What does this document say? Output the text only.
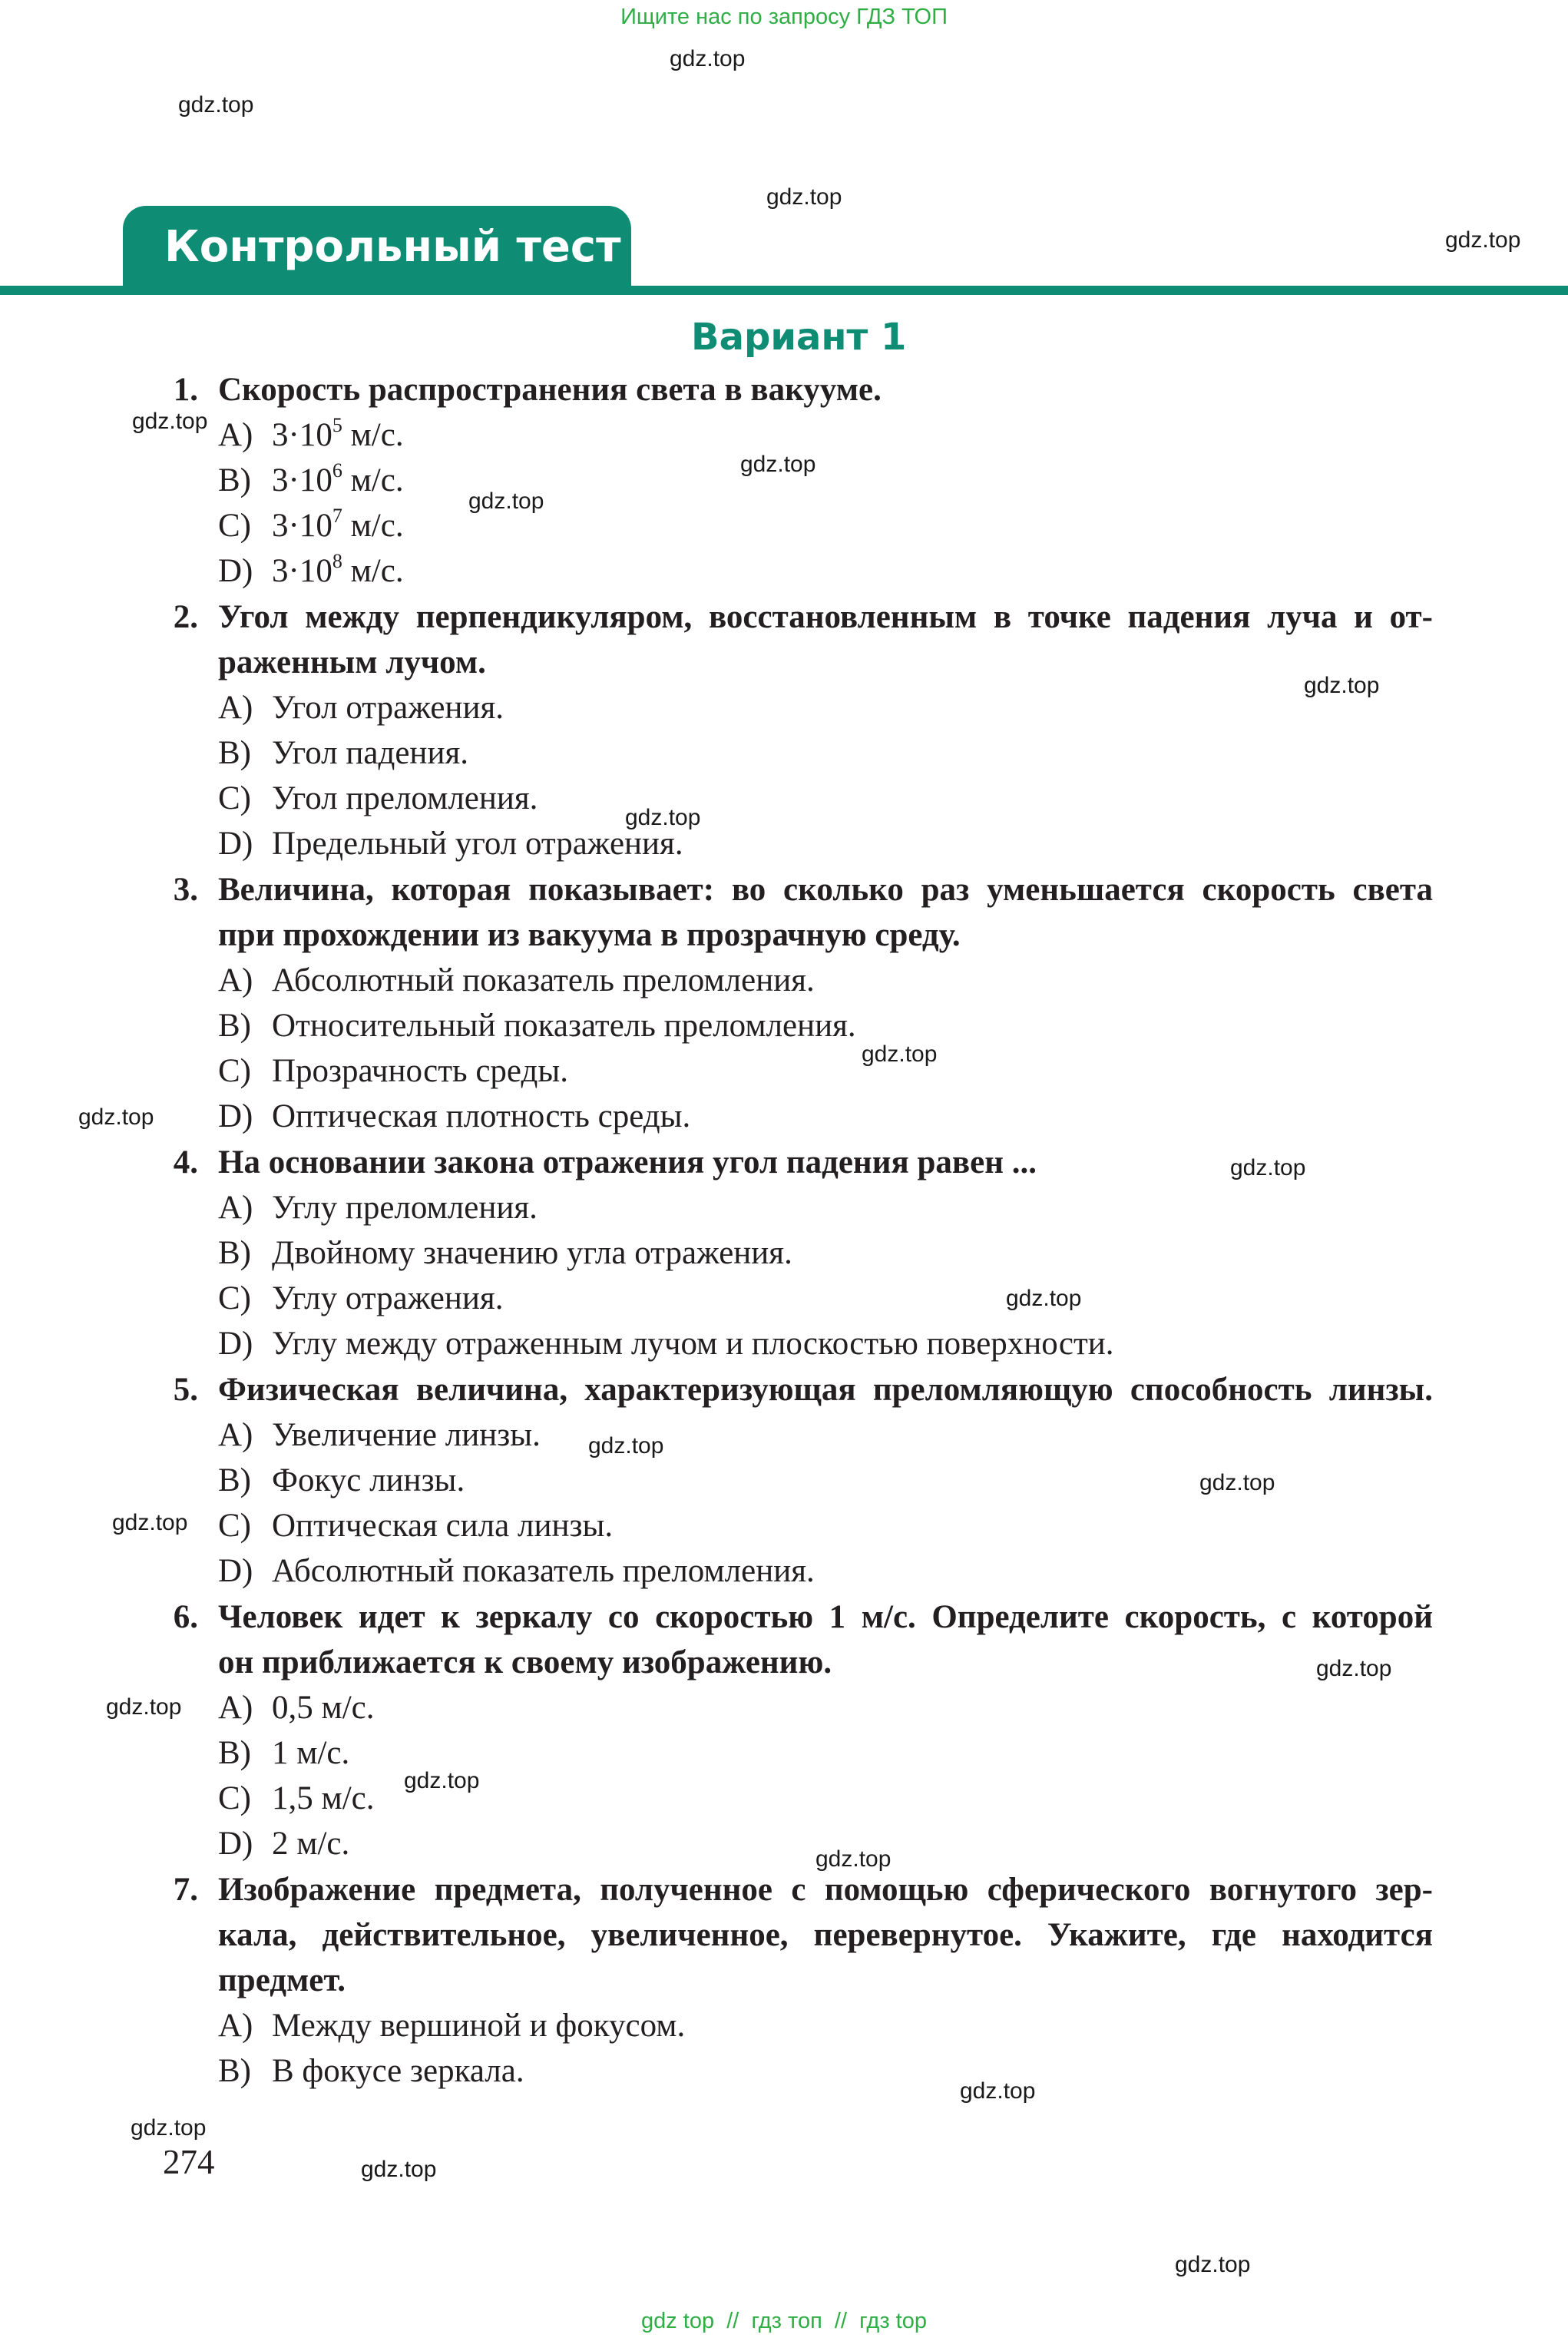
Ищите нас по запросу ГДЗ ТОП
gdz.top
gdz.top
gdz.top
gdz.top
gdz.top
gdz.top
gdz.top
gdz.top
gdz.top
gdz.top
gdz.top
gdz.top
gdz.top
gdz.top
gdz.top
gdz.top
gdz.top
gdz.top
gdz.top
gdz.top
gdz.top
gdz.top
gdz.top
gdz.top
Контрольный тест
Вариант 1
1. Скорость распространения света в вакууме.
A) $3\cdot 10^5$ м/с.
B) $3\cdot 10^6$ м/с.
C) $3\cdot 10^7$ м/с.
D) $3\cdot 10^8$ м/с.
2. Угол между перпендикуляром, восстановленным в точке падения луча и от-
раженным лучом.
A) Угол отражения.
B) Угол падения.
C) Угол преломления.
D) Предельный угол отражения.
3. Величина, которая показывает: во сколько раз уменьшается скорость света
при прохождении из вакуума в прозрачную среду.
A) Абсолютный показатель преломления.
B) Относительный показатель преломления.
C) Прозрачность среды.
D) Оптическая плотность среды.
4. На основании закона отражения угол падения равен ...
A) Углу преломления.
B) Двойному значению угла отражения.
C) Углу отражения.
D) Углу между отраженным лучом и плоскостью поверхности.
5. Физическая величина, характеризующая преломляющую способность линзы.
A) Увеличение линзы.
B) Фокус линзы.
C) Оптическая сила линзы.
D) Абсолютный показатель преломления.
6. Человек идет к зеркалу со скоростью 1 м/с. Определите скорость, с которой
он приближается к своему изображению.
A) 0,5 м/с.
B) 1 м/с.
C) 1,5 м/с.
D) 2 м/с.
7. Изображение предмета, полученное с помощью сферического вогнутого зер-
кала, действительное, увеличенное, перевернутое. Укажите, где находится
предмет.
A) Между вершиной и фокусом.
B) В фокусе зеркала.
274
gdz top  //  гдз топ  //  гдз top
